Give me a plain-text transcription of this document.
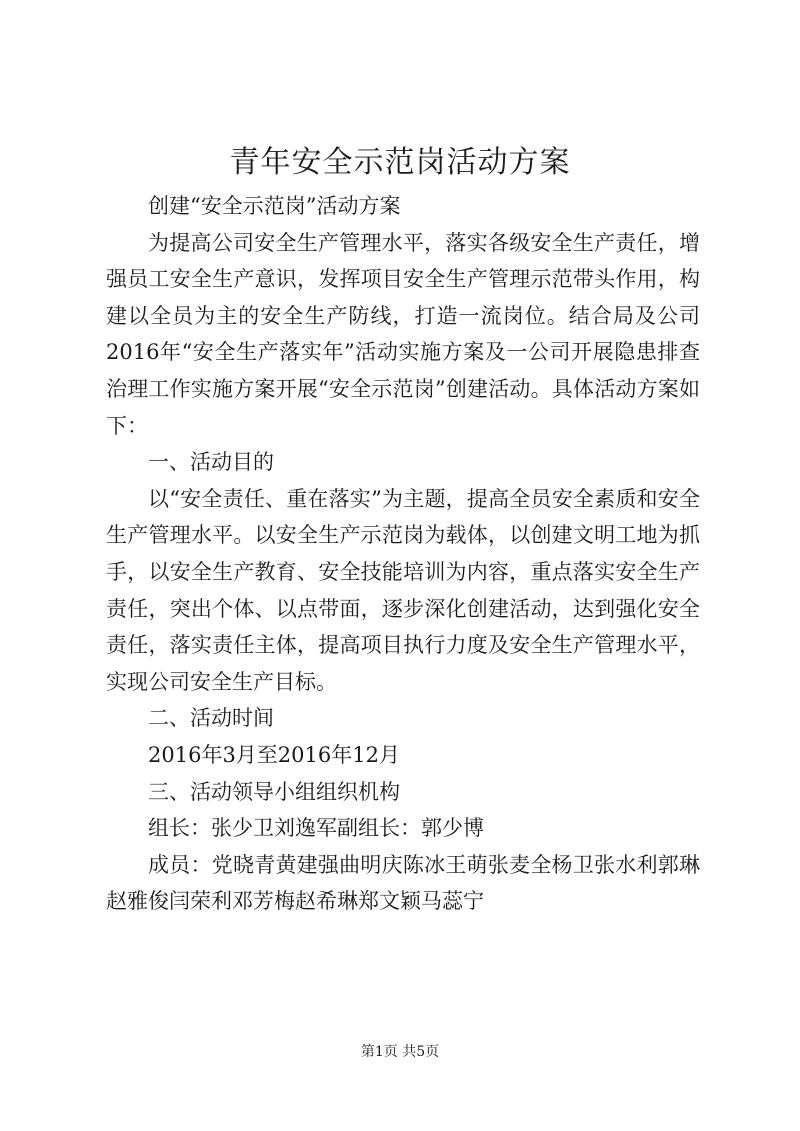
青年安全示范岗活动方案

创建“安全示范岗”活动方案

为提高公司安全生产管理水平，落实各级安全生产责任，增强员工安全生产意识，发挥项目安全生产管理示范带头作用，构建以全员为主的安全生产防线，打造一流岗位。结合局及公司2016年“安全生产落实年”活动实施方案及一公司开展隐患排查治理工作实施方案开展“安全示范岗”创建活动。具体活动方案如下：

一、活动目的

以“安全责任、重在落实”为主题，提高全员安全素质和安全生产管理水平。以安全生产示范岗为载体，以创建文明工地为抓手，以安全生产教育、安全技能培训为内容，重点落实安全生产责任，突出个体、以点带面，逐步深化创建活动，达到强化安全责任，落实责任主体，提高项目执行力度及安全生产管理水平，实现公司安全生产目标。

二、活动时间

2016年3月至2016年12月

三、活动领导小组组织机构

组长：张少卫刘逸军副组长：郭少博

成员：党晓青黄建强曲明庆陈冰王萌张麦全杨卫张水利郭琳赵雅俊闫荣利邓芳梅赵希琳郑文颖马蕊宁

第1页 共5页
